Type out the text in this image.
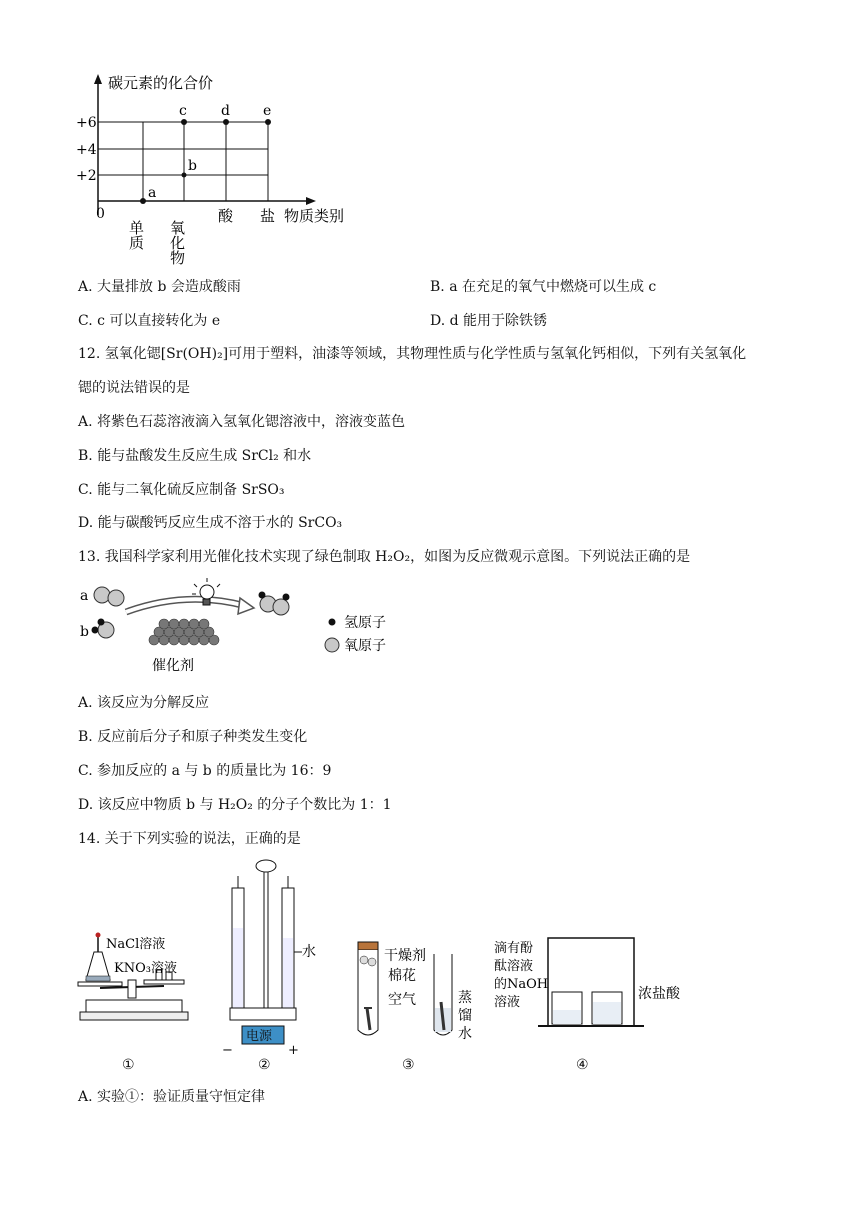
碳元素的化合价
+6
+4
+2
0
a
b
c d e
单质 氧化物
酸 盐 物质类别
A. 大量排放 b 会造成酸雨	B. a 在充足的氧气中燃烧可以生成 c
C. c 可以直接转化为 e	D. d 能用于除铁锈
12. 氢氧化锶[Sr(OH)₂]可用于塑料，油漆等领域，其物理性质与化学性质与氢氧化钙相似，下列有关氢氧化
锶的说法错误的是
A. 将紫色石蕊溶液滴入氢氧化锶溶液中，溶液变蓝色
B. 能与盐酸发生反应生成 SrCl₂ 和水
C. 能与二氧化硫反应制备 SrSO₃
D. 能与碳酸钙反应生成不溶于水的 SrCO₃
13. 我国科学家利用光催化技术实现了绿色制取 H₂O₂，如图为反应微观示意图。下列说法正确的是
a
b
催化剂
氢原子
氧原子
A. 该反应为分解反应
B. 反应前后分子和原子种类发生变化
C. 参加反应的 a 与 b 的质量比为 16：9
D. 该反应中物质 b 与 H₂O₂ 的分子个数比为 1：1
14. 关于下列实验的说法，正确的是
NaCl溶液
KNO₃溶液
①
电源
−	+
水
②
干燥剂
棉花
空气	蒸
馏
水
③
滴有酚
酞溶液
的NaOH
溶液
浓盐酸
④
A. 实验①：验证质量守恒定律
